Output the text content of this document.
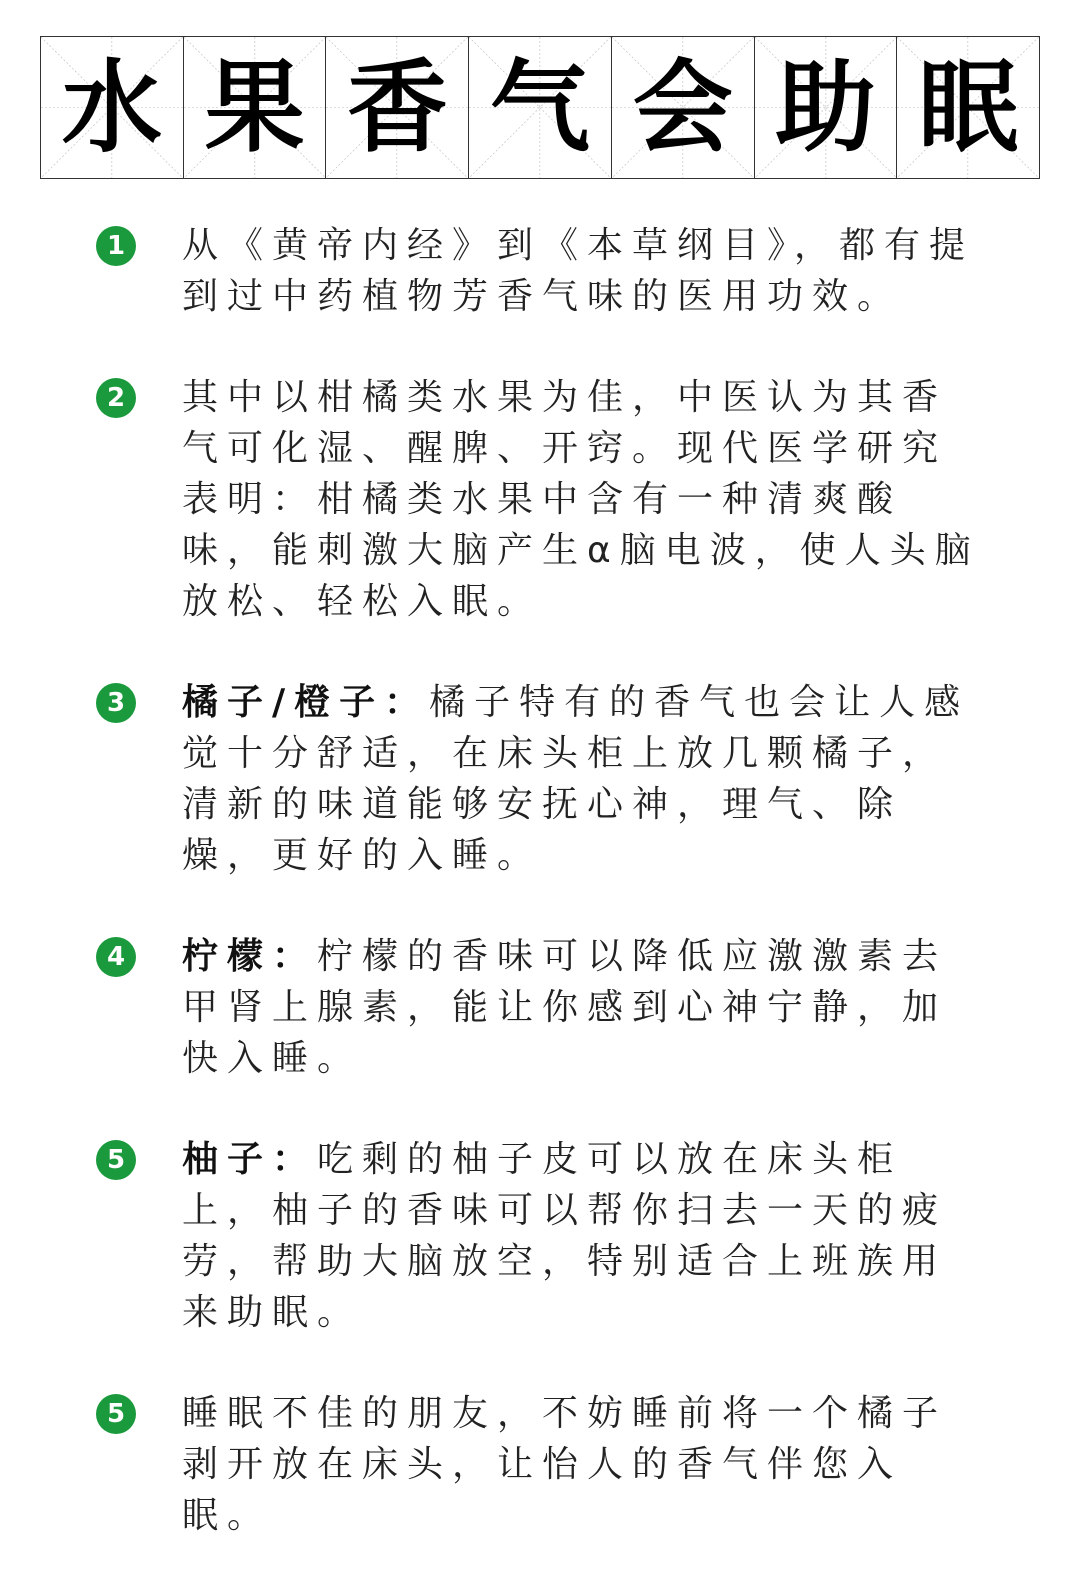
水 果 香 气 会 助 眠
1	从《黄帝内经》到《本草纲目》，都有提到过中药植物芳香气味的医用功效。
2	其中以柑橘类水果为佳，中医认为其香气可化湿、醒脾、开窍。现代医学研究表明：柑橘类水果中含有一种清爽酸味，能刺激大脑产生α脑电波，使人头脑放松、轻松入眠。
3	橘子/橙子：橘子特有的香气也会让人感觉十分舒适，在床头柜上放几颗橘子，清新的味道能够安抚心神，理气、除燥，更好的入睡。
4	柠檬：柠檬的香味可以降低应激激素去甲肾上腺素，能让你感到心神宁静，加快入睡。
5	柚子：吃剩的柚子皮可以放在床头柜上，柚子的香味可以帮你扫去一天的疲劳，帮助大脑放空，特别适合上班族用来助眠。
5	睡眠不佳的朋友，不妨睡前将一个橘子剥开放在床头，让怡人的香气伴您入眠。
